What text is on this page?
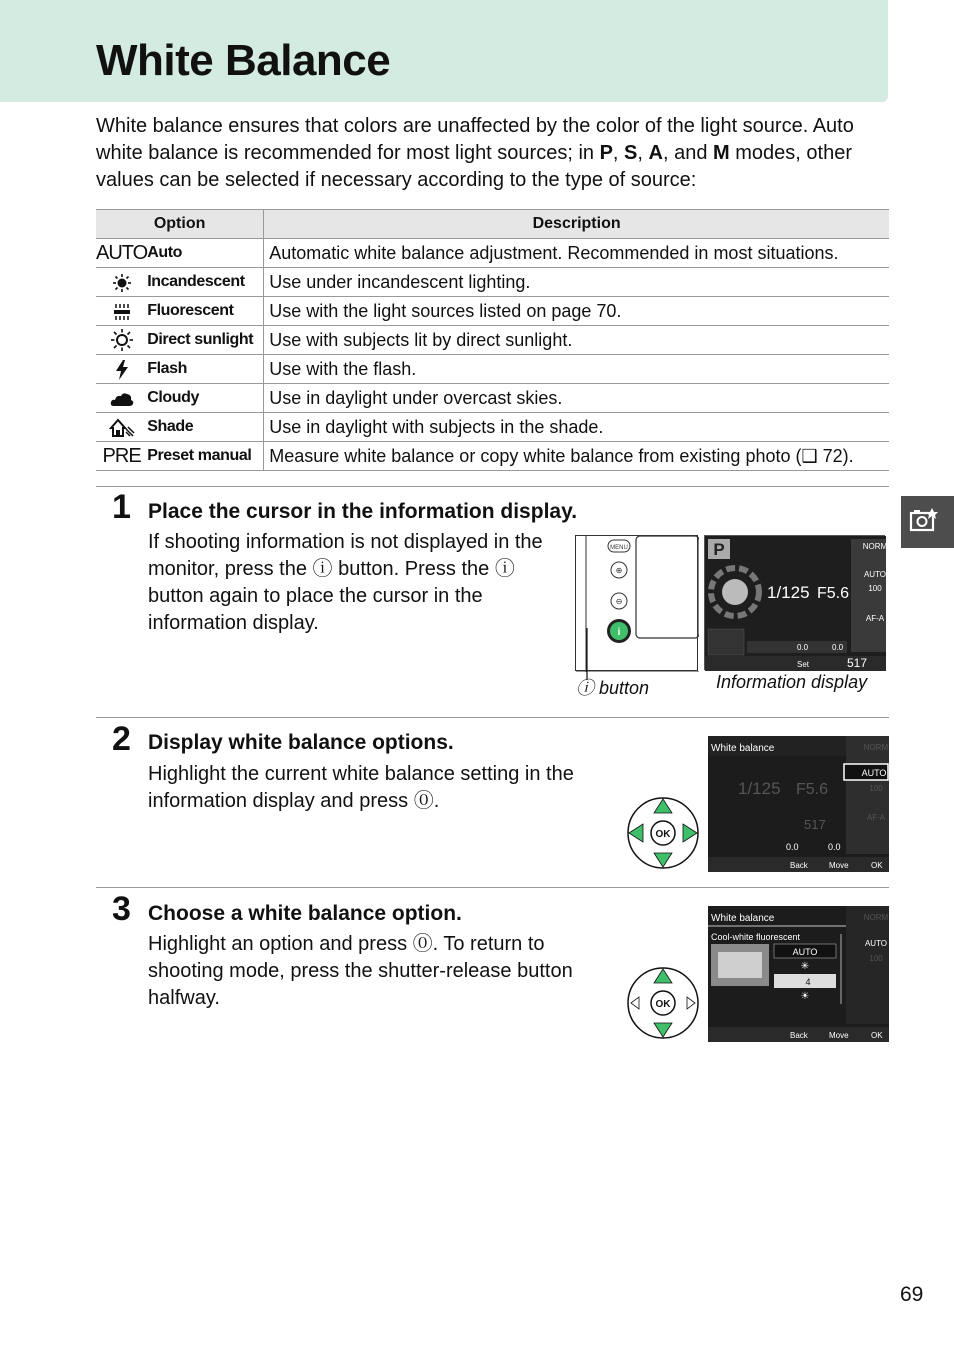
White Balance

White balance ensures that colors are unaffected by the color of the light source. Auto white balance is recommended for most light sources; in P, S, A, and M modes, other values can be selected if necessary according to the type of source:

Option		Description
AUTO	Auto	Automatic white balance adjustment. Recommended in most situations.
	Incandescent	Use under incandescent lighting.
	Fluorescent	Use with the light sources listed on page 70.
	Direct sunlight	Use with subjects lit by direct sunlight.
	Flash	Use with the flash.
	Cloudy	Use in daylight under overcast skies.
	Shade	Use in daylight with subjects in the shade.
PRE	Preset manual	Measure white balance or copy white balance from existing photo (❑ 72).

1 Place the cursor in the information display.

If shooting information is not displayed in the monitor, press the ⓘ button. Press the ⓘ button again to place the cursor in the information display.

MENU
⊕
⊖
i
P
1/125 F5.6
NORM
AUTO
100
AF-A
0.0	0.0
Set	517

ⓘ button	Information display

2 Display white balance options.

Highlight the current white balance setting in the information display and press ⓪.

OK
White balance
1/125 F5.6
517
NORM
AUTO
100
AF-A
0.0	0.0
Back	Move	OK

3 Choose a white balance option.

Highlight an option and press ⓪. To return to shooting mode, press the shutter-release button halfway.	OK
White balance
Cool-white fluorescent
AUTO
✳
4
☀
NORM
AUTO
100
Back	Move	OK

69
